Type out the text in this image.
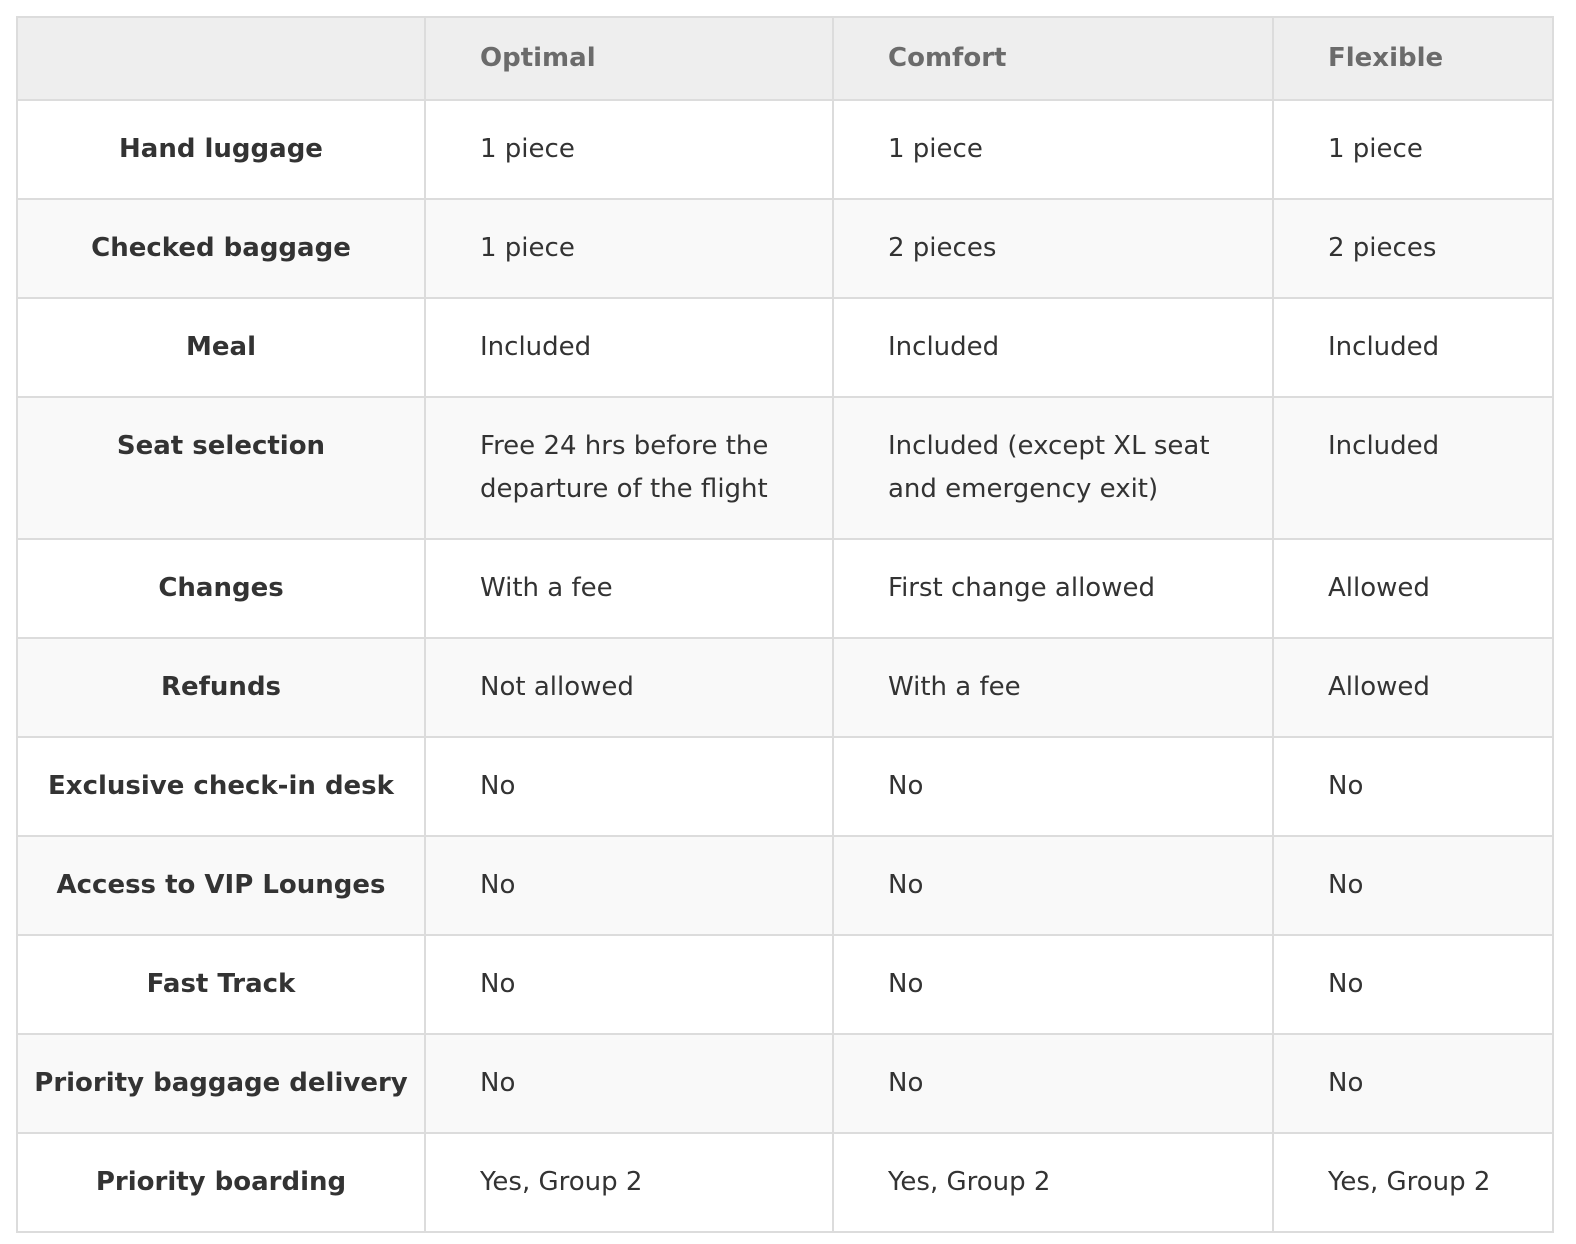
	Optimal	Comfort	Flexible
Hand luggage	1 piece	1 piece	1 piece
Checked baggage	1 piece	2 pieces	2 pieces
Meal	Included	Included	Included
Seat selection	Free 24 hrs before the departure of the flight	Included (except XL seat and emergency exit)	Included
Changes	With a fee	First change allowed	Allowed
Refunds	Not allowed	With a fee	Allowed
Exclusive check-in desk	No	No	No
Access to VIP Lounges	No	No	No
Fast Track	No	No	No
Priority baggage delivery	No	No	No
Priority boarding	Yes, Group 2	Yes, Group 2	Yes, Group 2
